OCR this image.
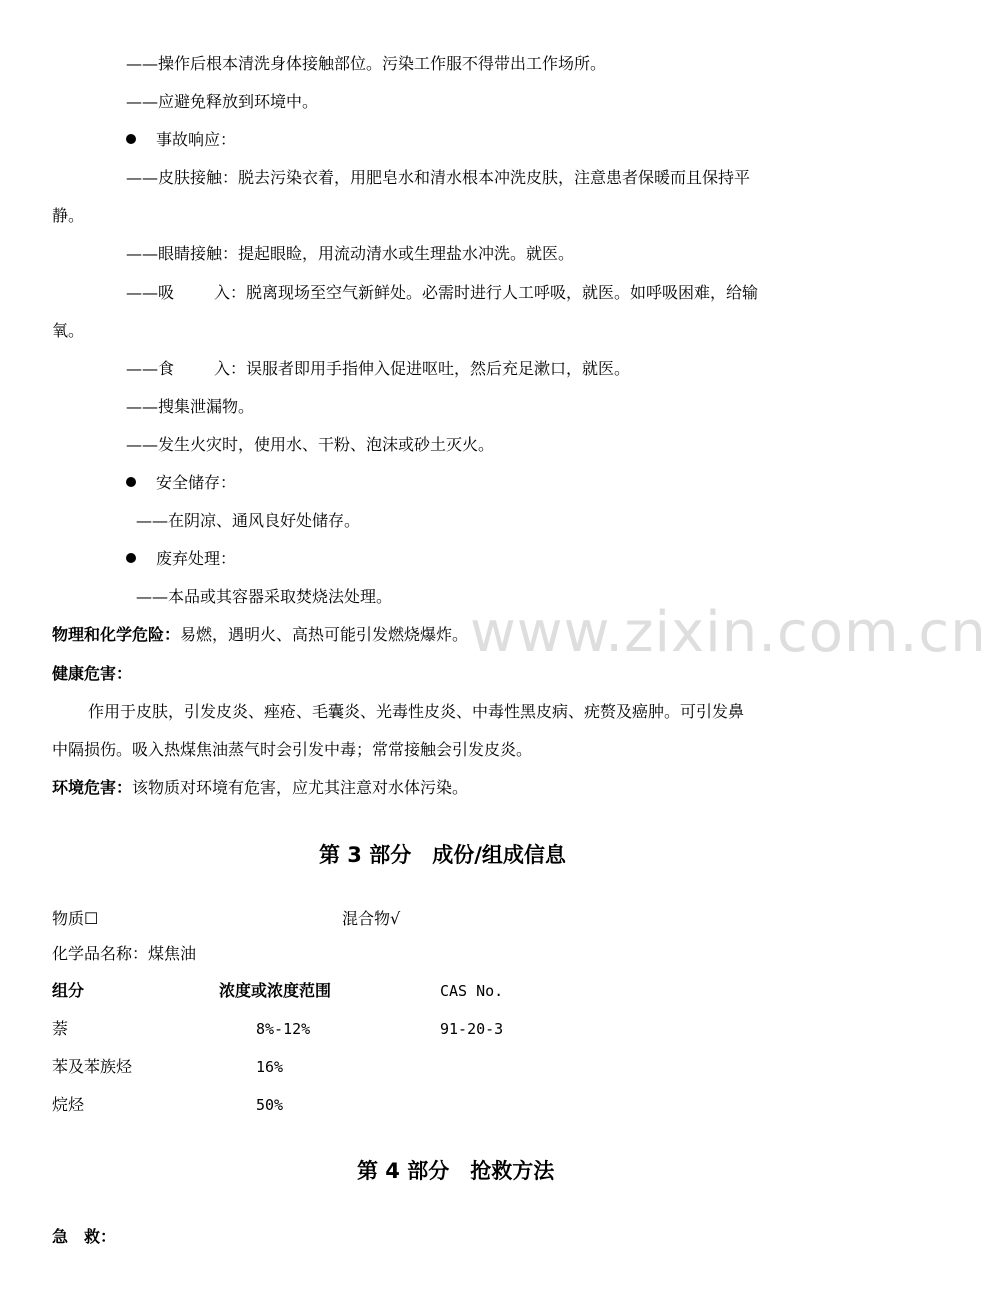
——操作后根本清洗身体接触部位。污染工作服不得带出工作场所。
——应避免释放到环境中。
事故响应：
——皮肤接触：脱去污染衣着，用肥皂水和清水根本冲洗皮肤，注意患者保暖而且保持平
静。
——眼睛接触：提起眼睑，用流动清水或生理盐水冲洗。就医。
——吸	入：脱离现场至空气新鲜处。必需时进行人工呼吸，就医。如呼吸困难，给输
氧。
——食	入：误服者即用手指伸入促进呕吐，然后充足漱口，就医。
——搜集泄漏物。
——发生火灾时，使用水、干粉、泡沫或砂土灭火。
安全储存：
——在阴凉、通风良好处储存。
废弃处理：
——本品或其容器采取焚烧法处理。
物理和化学危险：易燃，遇明火、高热可能引发燃烧爆炸。
健康危害：
作用于皮肤，引发皮炎、痤疮、毛囊炎、光毒性皮炎、中毒性黑皮病、疣赘及癌肿。可引发鼻
中隔损伤。吸入热煤焦油蒸气时会引发中毒；常常接触会引发皮炎。
环境危害：该物质对环境有危害，应尤其注意对水体污染。
第 3 部分　成份/组成信息
物质☐	混合物√
化学品名称：煤焦油
组分	浓度或浓度范围	CAS No.
萘	8%-12%	91-20-3
苯及苯族烃	16%
烷烃	50%
第 4 部分　抢救方法
急　救：
www.zixin.com.cn
